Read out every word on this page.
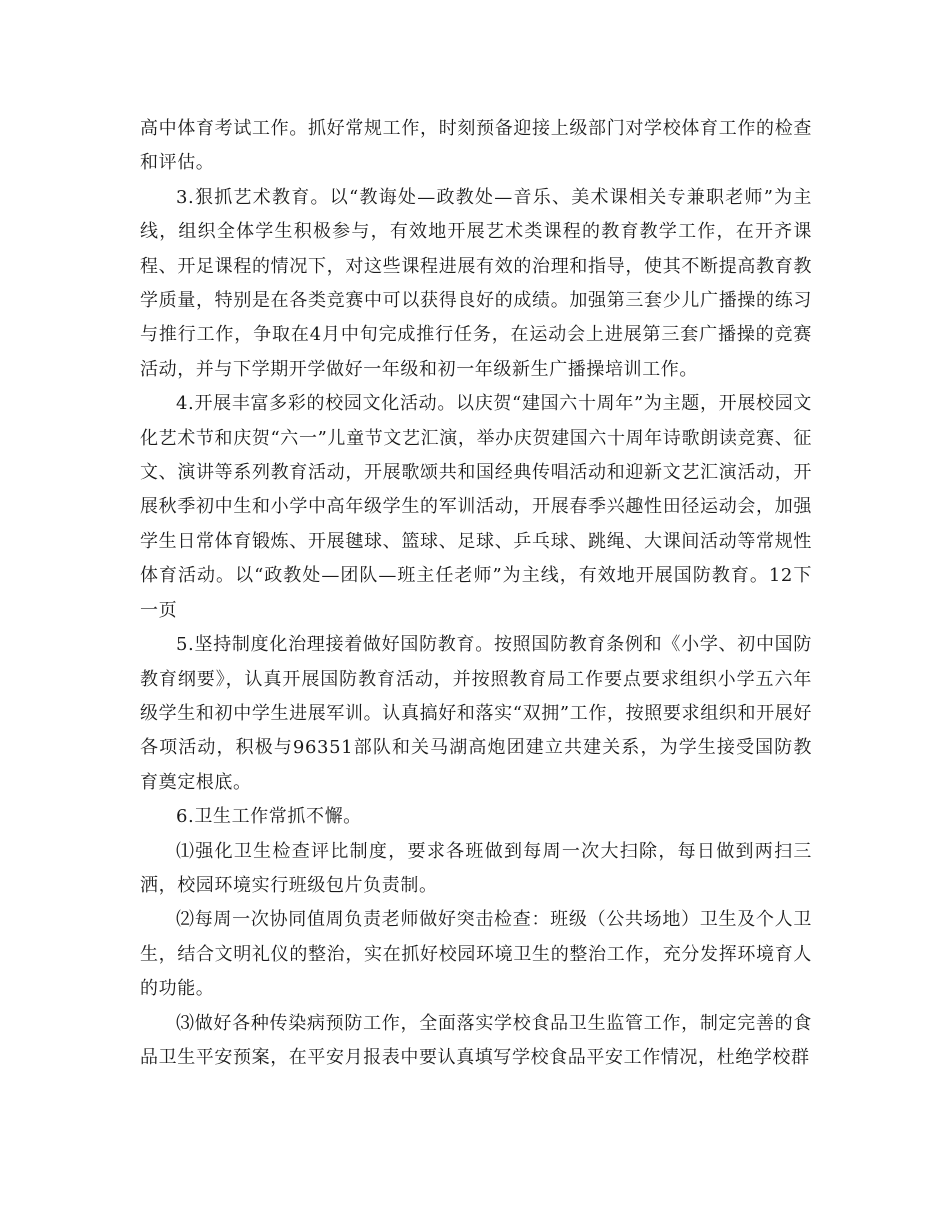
高中体育考试工作。抓好常规工作，时刻预备迎接上级部门对学校体育工作的检查和评估。

3.狠抓艺术教育。以“教诲处—政教处—音乐、美术课相关专兼职老师”为主线，组织全体学生积极参与，有效地开展艺术类课程的教育教学工作，在开齐课程、开足课程的情况下，对这些课程进展有效的治理和指导，使其不断提高教育教学质量，特别是在各类竞赛中可以获得良好的成绩。加强第三套少儿广播操的练习与推行工作，争取在4月中旬完成推行任务，在运动会上进展第三套广播操的竞赛活动，并与下学期开学做好一年级和初一年级新生广播操培训工作。

4.开展丰富多彩的校园文化活动。以庆贺“建国六十周年”为主题，开展校园文化艺术节和庆贺“六一”儿童节文艺汇演，举办庆贺建国六十周年诗歌朗读竞赛、征文、演讲等系列教育活动，开展歌颂共和国经典传唱活动和迎新文艺汇演活动，开展秋季初中生和小学中高年级学生的军训活动，开展春季兴趣性田径运动会，加强学生日常体育锻炼、开展毽球、篮球、足球、乒乓球、跳绳、大课间活动等常规性体育活动。以“政教处—团队—班主任老师”为主线，有效地开展国防教育。12下一页

5.坚持制度化治理接着做好国防教育。按照国防教育条例和《小学、初中国防教育纲要》，认真开展国防教育活动，并按照教育局工作要点要求组织小学五六年级学生和初中学生进展军训。认真搞好和落实“双拥”工作，按照要求组织和开展好各项活动，积极与96351部队和关马湖高炮团建立共建关系，为学生接受国防教育奠定根底。

6.卫生工作常抓不懈。

⑴强化卫生检查评比制度，要求各班做到每周一次大扫除，每日做到两扫三洒，校园环境实行班级包片负责制。

⑵每周一次协同值周负责老师做好突击检查：班级（公共场地）卫生及个人卫生，结合文明礼仪的整治，实在抓好校园环境卫生的整治工作，充分发挥环境育人的功能。

⑶做好各种传染病预防工作，全面落实学校食品卫生监管工作，制定完善的食品卫生平安预案，在平安月报表中要认真填写学校食品平安工作情况，杜绝学校群
